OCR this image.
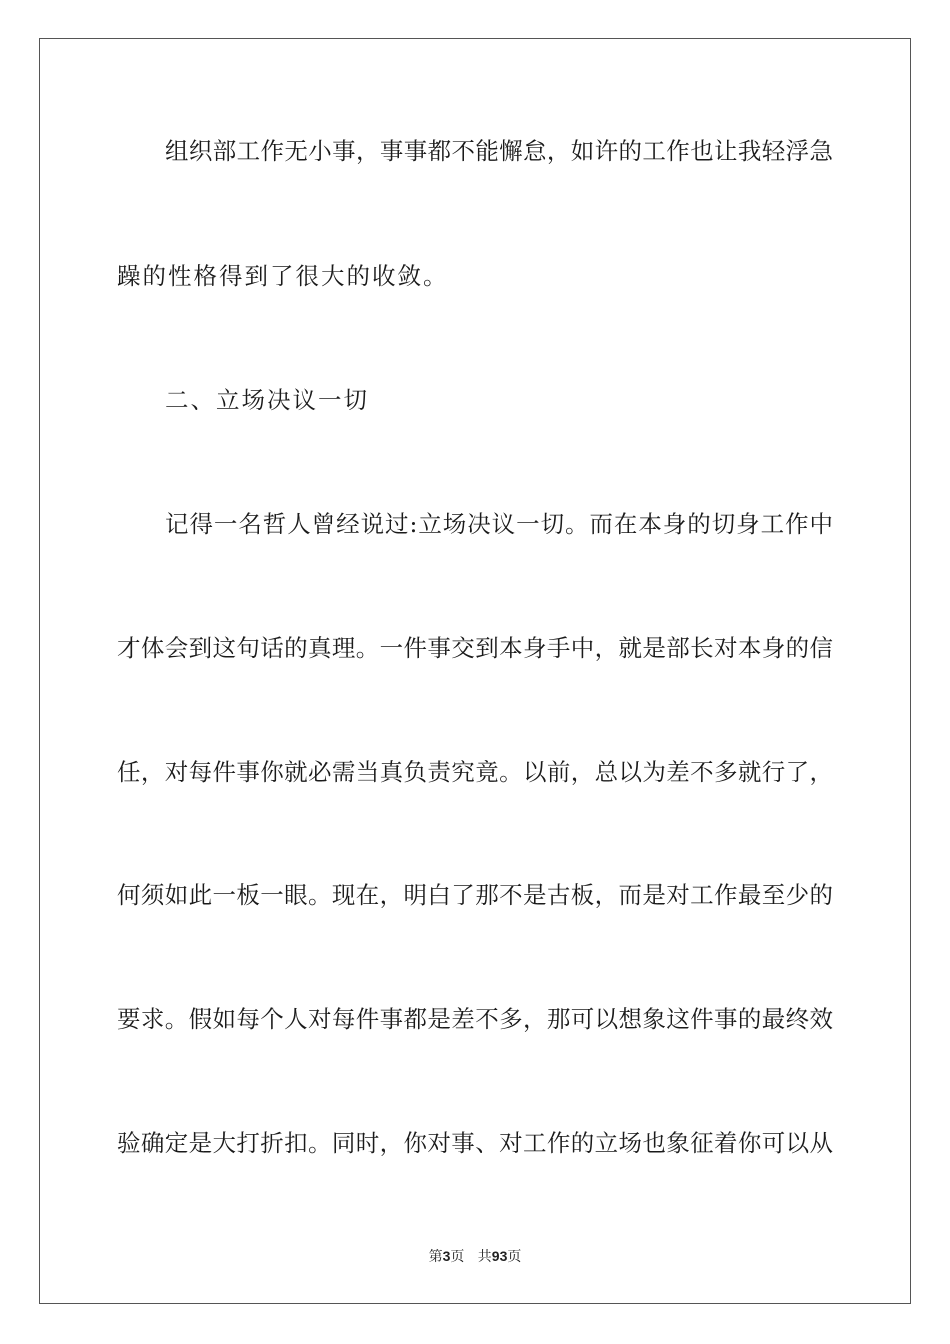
组织部工作无小事，事事都不能懈怠，如许的工作也让我轻浮急
躁的性格得到了很大的收敛。
二、立场决议一切
记得一名哲人曾经说过:立场决议一切。而在本身的切身工作中
才体会到这句话的真理。一件事交到本身手中，就是部长对本身的信
任，对每件事你就必需当真负责究竟。以前，总以为差不多就行了，
何须如此一板一眼。现在，明白了那不是古板，而是对工作最至少的
要求。假如每个人对每件事都是差不多，那可以想象这件事的最终效
验确定是大打折扣。同时，你对事、对工作的立场也象征着你可以从
第3页 共93页
